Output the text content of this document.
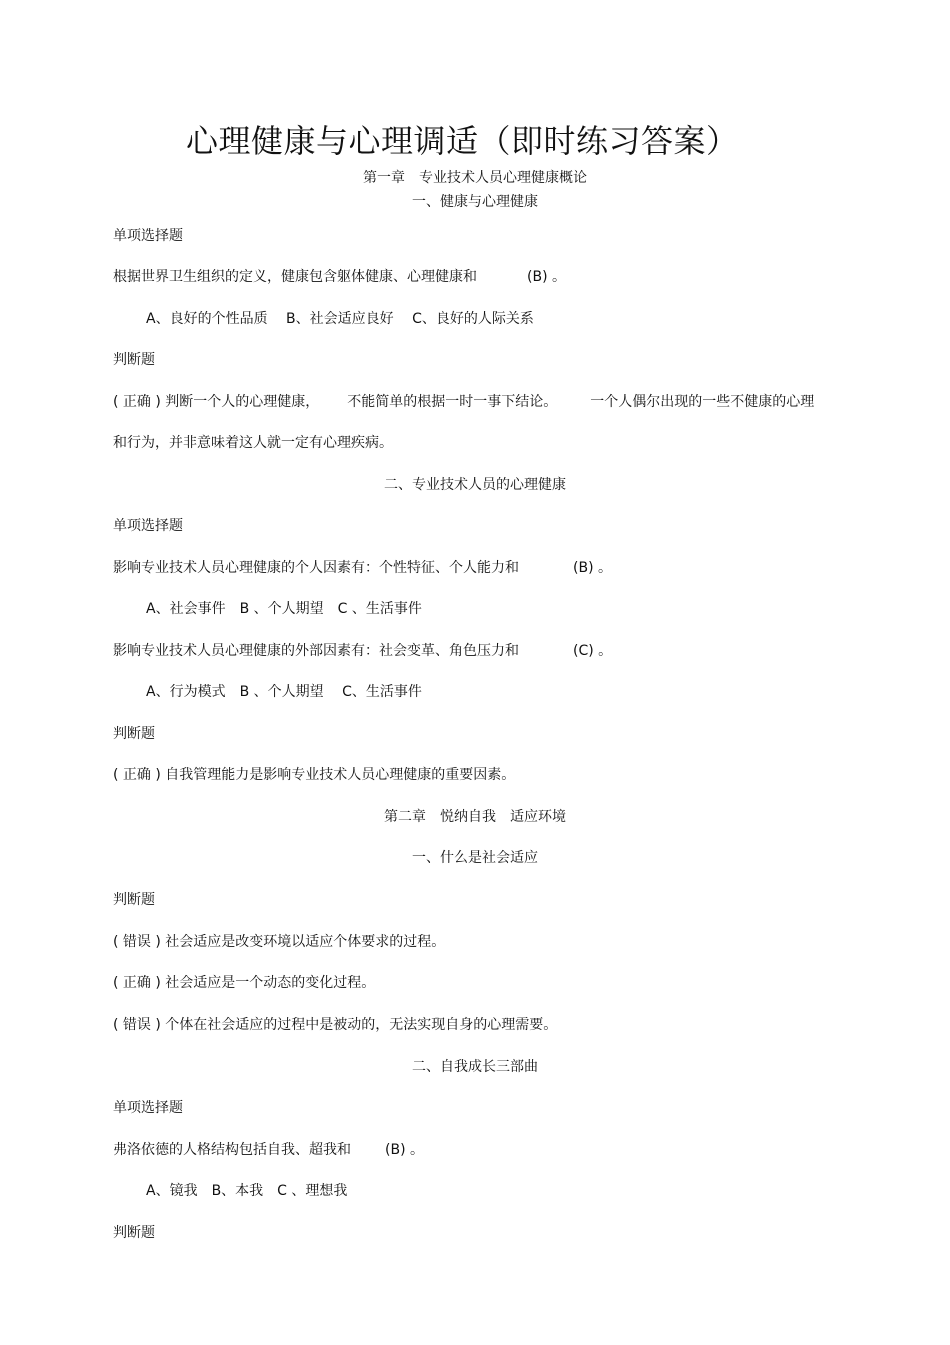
心理健康与心理调适（即时练习答案）
第一章　专业技术人员心理健康概论
一、健康与心理健康
单项选择题
根据世界卫生组织的定义，健康包含躯体健康、心理健康和	(B) 。
A、良好的个性品质　 B、社会适应良好　 C、良好的人际关系
判断题
( 正确 ) 判断一个人的心理健康， 不能简单的根据一时一事下结论。 一个人偶尔出现的一些不健康的心理
和行为，并非意味着这人就一定有心理疾病。
二、专业技术人员的心理健康
单项选择题
影响专业技术人员心理健康的个人因素有：个性特征、个人能力和	(B) 。
A、社会事件　B 、个人期望　C 、生活事件
影响专业技术人员心理健康的外部因素有：社会变革、角色压力和	(C) 。
A、行为模式　B 、个人期望　 C、生活事件
判断题
( 正确 ) 自我管理能力是影响专业技术人员心理健康的重要因素。
第二章　悦纳自我　适应环境
一、什么是社会适应
判断题
( 错误 ) 社会适应是改变环境以适应个体要求的过程。
( 正确 ) 社会适应是一个动态的变化过程。
( 错误 ) 个体在社会适应的过程中是被动的，无法实现自身的心理需要。
二、自我成长三部曲
单项选择题
弗洛依德的人格结构包括自我、超我和 (B) 。
A、镜我　B、本我　C 、理想我
判断题
